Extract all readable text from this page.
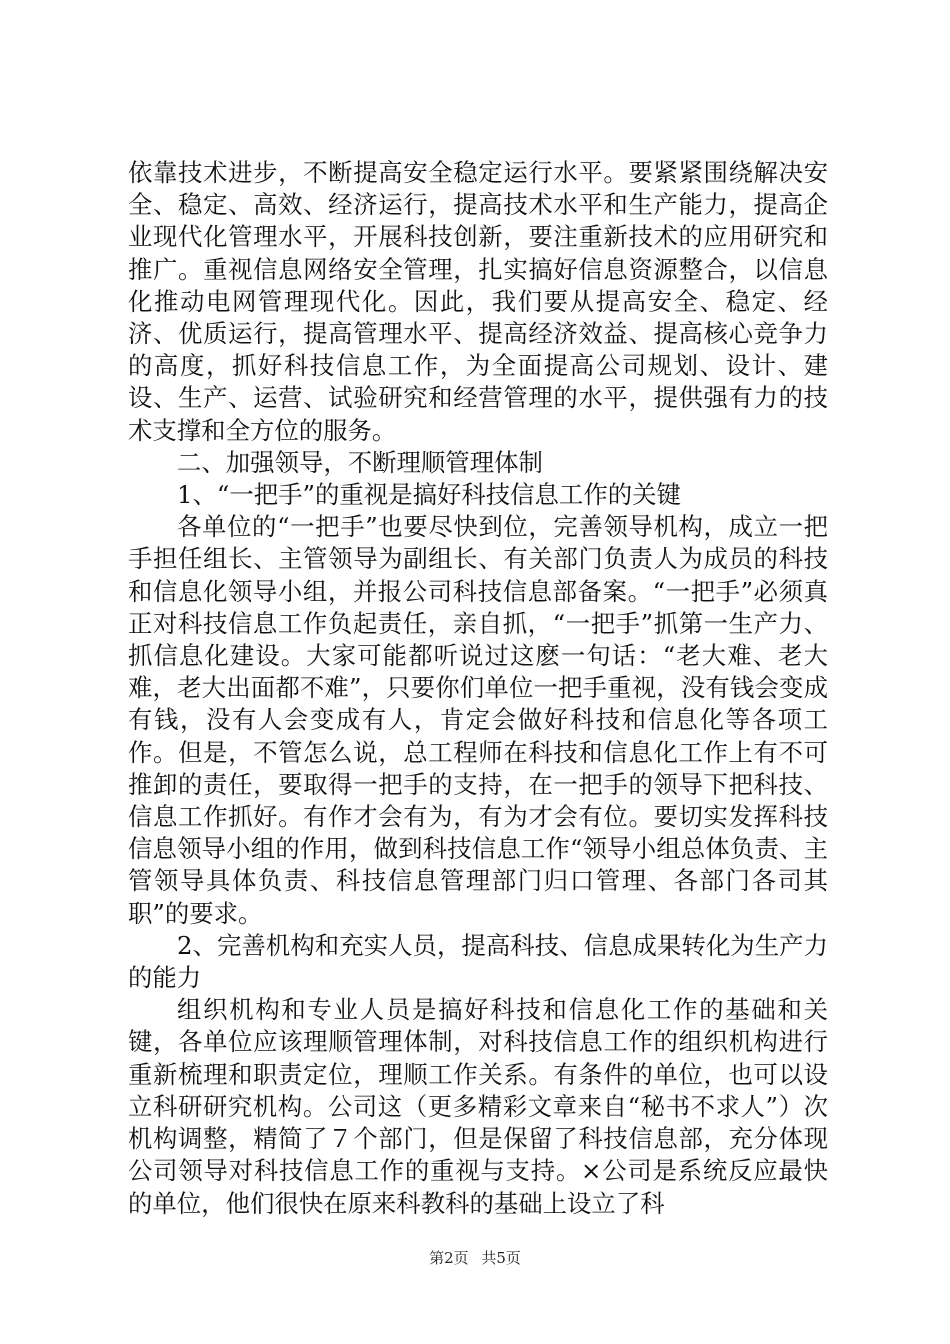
依靠技术进步，不断提高安全稳定运行水平。要紧紧围绕解决安全、稳定、高效、经济运行，提高技术水平和生产能力，提高企业现代化管理水平，开展科技创新，要注重新技术的应用研究和推广。重视信息网络安全管理，扎实搞好信息资源整合，以信息化推动电网管理现代化。因此，我们要从提高安全、稳定、经济、优质运行，提高管理水平、提高经济效益、提高核心竞争力的高度，抓好科技信息工作，为全面提高公司规划、设计、建设、生产、运营、试验研究和经营管理的水平，提供强有力的技术支撑和全方位的服务。

二、加强领导，不断理顺管理体制

1、“一把手”的重视是搞好科技信息工作的关键

各单位的“一把手”也要尽快到位，完善领导机构，成立一把手担任组长、主管领导为副组长、有关部门负责人为成员的科技和信息化领导小组，并报公司科技信息部备案。“一把手”必须真正对科技信息工作负起责任，亲自抓，“一把手”抓第一生产力、抓信息化建设。大家可能都听说过这麽一句话：“老大难、老大难，老大出面都不难”，只要你们单位一把手重视，没有钱会变成有钱，没有人会变成有人，肯定会做好科技和信息化等各项工作。但是，不管怎么说，总工程师在科技和信息化工作上有不可推卸的责任，要取得一把手的支持，在一把手的领导下把科技、信息工作抓好。有作才会有为，有为才会有位。要切实发挥科技信息领导小组的作用，做到科技信息工作“领导小组总体负责、主管领导具体负责、科技信息管理部门归口管理、各部门各司其职”的要求。

2、完善机构和充实人员，提高科技、信息成果转化为生产力的能力

组织机构和专业人员是搞好科技和信息化工作的基础和关键，各单位应该理顺管理体制，对科技信息工作的组织机构进行重新梳理和职责定位，理顺工作关系。有条件的单位，也可以设立科研研究机构。公司这（更多精彩文章来自“秘书不求人”）次机构调整，精简了７个部门，但是保留了科技信息部，充分体现公司领导对科技信息工作的重视与支持。×公司是系统反应最快的单位，他们很快在原来科教科的基础上设立了科

第2页 共5页
